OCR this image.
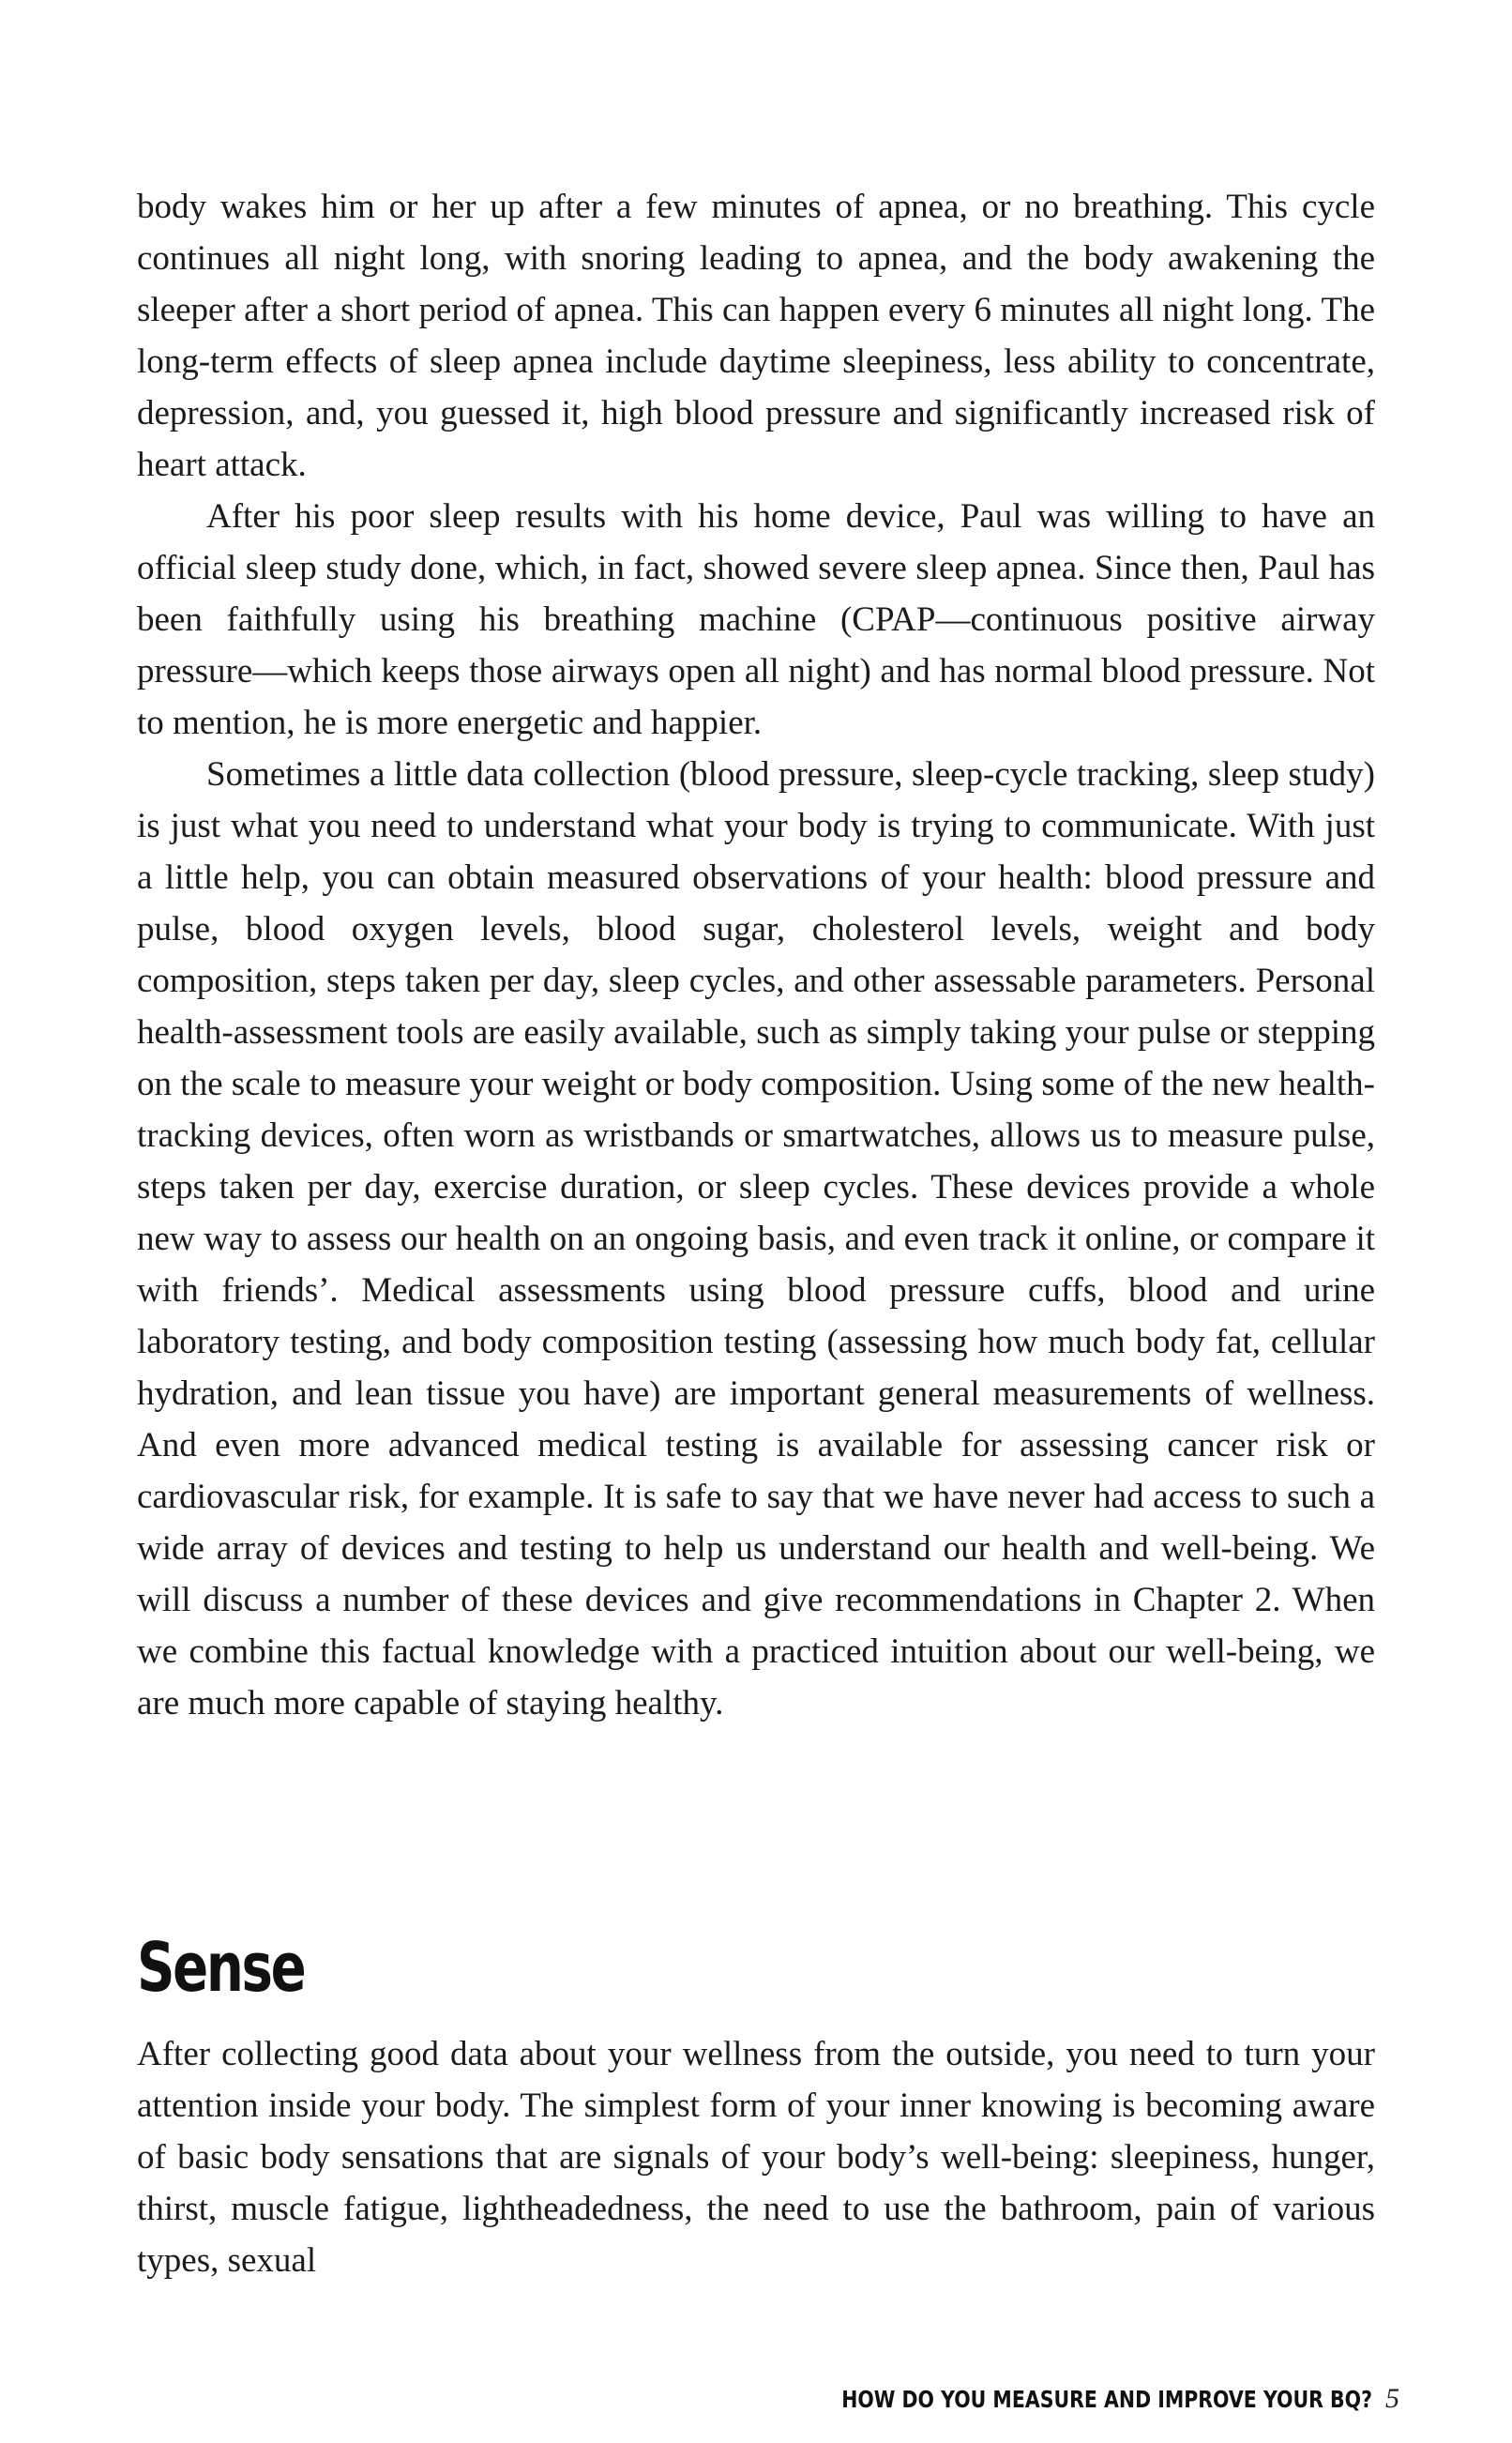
body wakes him or her up after a few minutes of apnea, or no breathing. This cycle continues all night long, with snoring leading to apnea, and the body awakening the sleeper after a short period of apnea. This can happen every 6 minutes all night long. The long-term effects of sleep apnea include daytime sleepiness, less ability to concentrate, depression, and, you guessed it, high blood pressure and significantly increased risk of heart attack.

After his poor sleep results with his home device, Paul was willing to have an official sleep study done, which, in fact, showed severe sleep apnea. Since then, Paul has been faithfully using his breathing machine (CPAP—continuous positive airway pressure—which keeps those airways open all night) and has normal blood pressure. Not to mention, he is more energetic and happier.

Sometimes a little data collection (blood pressure, sleep-cycle tracking, sleep study) is just what you need to understand what your body is trying to communicate. With just a little help, you can obtain measured observations of your health: blood pressure and pulse, blood oxygen levels, blood sugar, cholesterol levels, weight and body composition, steps taken per day, sleep cycles, and other assessable parameters. Personal health-assessment tools are easily available, such as simply taking your pulse or stepping on the scale to measure your weight or body composition. Using some of the new health-tracking devices, often worn as wristbands or smartwatches, allows us to measure pulse, steps taken per day, exercise duration, or sleep cycles. These devices provide a whole new way to assess our health on an ongoing basis, and even track it online, or compare it with friends’. Medical assessments using blood pressure cuffs, blood and urine laboratory testing, and body composition testing (assessing how much body fat, cellular hydration, and lean tissue you have) are important general measurements of wellness. And even more advanced medical testing is available for assessing cancer risk or cardiovascular risk, for example. It is safe to say that we have never had access to such a wide array of devices and testing to help us understand our health and well-being. We will discuss a number of these devices and give recommendations in Chapter 2. When we combine this factual knowledge with a practiced intuition about our well-being, we are much more capable of staying healthy.

Sense

After collecting good data about your wellness from the outside, you need to turn your attention inside your body. The simplest form of your inner knowing is becoming aware of basic body sensations that are signals of your body’s well-being: sleepiness, hunger, thirst, muscle fatigue, lightheadedness, the need to use the bathroom, pain of various types, sexual

HOW DO YOU MEASURE AND IMPROVE YOUR BQ? 5
